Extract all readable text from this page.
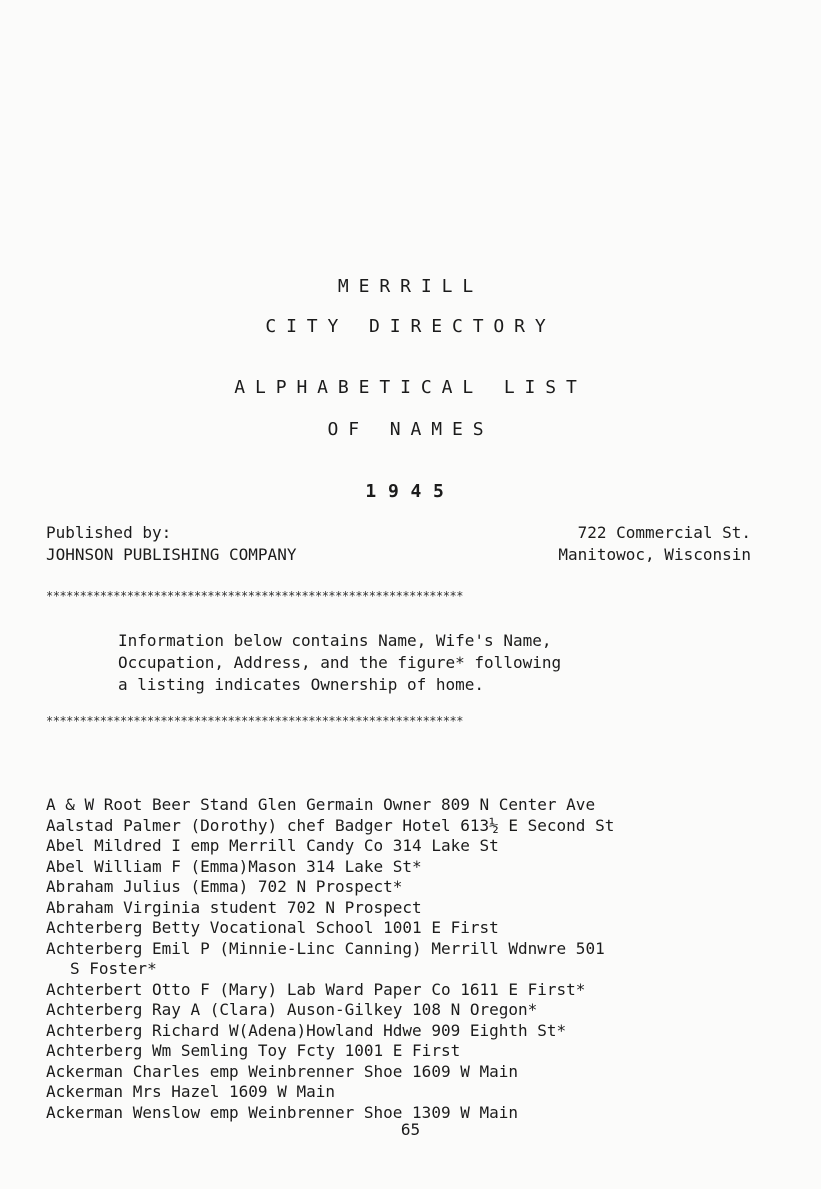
MERRILL
CITY DIRECTORY
ALPHABETICAL LIST
OF NAMES
1945
Published by:
JOHNSON PUBLISHING COMPANY
722 Commercial St.
Manitowoc, Wisconsin
**************************************************************
Information below contains Name, Wife's Name,
Occupation, Address, and the figure* following
a listing indicates Ownership of home.
**************************************************************
A & W Root Beer Stand Glen Germain Owner 809 N Center Ave
Aalstad Palmer (Dorothy) chef Badger Hotel 613½ E Second St
Abel Mildred I emp Merrill Candy Co 314 Lake St
Abel William F (Emma)Mason 314 Lake St*
Abraham Julius (Emma) 702 N Prospect*
Abraham Virginia student 702 N Prospect
Achterberg Betty Vocational School 1001 E First
Achterberg Emil P (Minnie-Linc Canning) Merrill Wdnwre 501
S Foster*
Achterbert Otto F (Mary) Lab Ward Paper Co 1611 E First*
Achterberg Ray A (Clara) Auson-Gilkey 108 N Oregon*
Achterberg Richard W(Adena)Howland Hdwe 909 Eighth St*
Achterberg Wm Semling Toy Fcty 1001 E First
Ackerman Charles emp Weinbrenner Shoe 1609 W Main
Ackerman Mrs Hazel 1609 W Main
Ackerman Wenslow emp Weinbrenner Shoe 1309 W Main
65
